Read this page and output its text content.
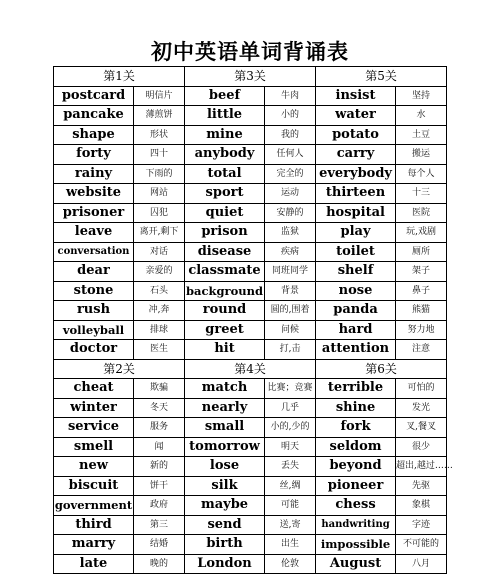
初中英语单词背诵表
第1关		第3关		第5关	
postcard	明信片	beef	牛肉	insist	坚持
pancake	薄煎饼	little	小的	water	水
shape	形状	mine	我的	potato	土豆
forty	四十	anybody	任何人	carry	搬运
rainy	下雨的	total	完全的	everybody	每个人
website	网站	sport	运动	thirteen	十三
prisoner	囚犯	quiet	安静的	hospital	医院
leave	离开,剩下	prison	监狱	play	玩,戏剧
conversation	对话	disease	疾病	toilet	厕所
dear	亲爱的	classmate	同班同学	shelf	架子
stone	石头	background	背景	nose	鼻子
rush	冲,奔	round	圆的,围着	panda	熊猫
volleyball	排球	greet	问候	hard	努力地
doctor	医生	hit	打,击	attention	注意
第2关		第4关		第6关	
cheat	欺骗	match	比赛；竞赛	terrible	可怕的
winter	冬天	nearly	几乎	shine	发光
service	服务	small	小的,少的	fork	叉,餐叉
smell	闻	tomorrow	明天	seldom	很少
new	新的	lose	丢失	beyond	超出,越过……
biscuit	饼干	silk	丝,绸	pioneer	先驱
government	政府	maybe	可能	chess	象棋
third	第三	send	送,寄	handwriting	字迹
marry	结婚	birth	出生	impossible	不可能的
late	晚的	London	伦敦	August	八月
